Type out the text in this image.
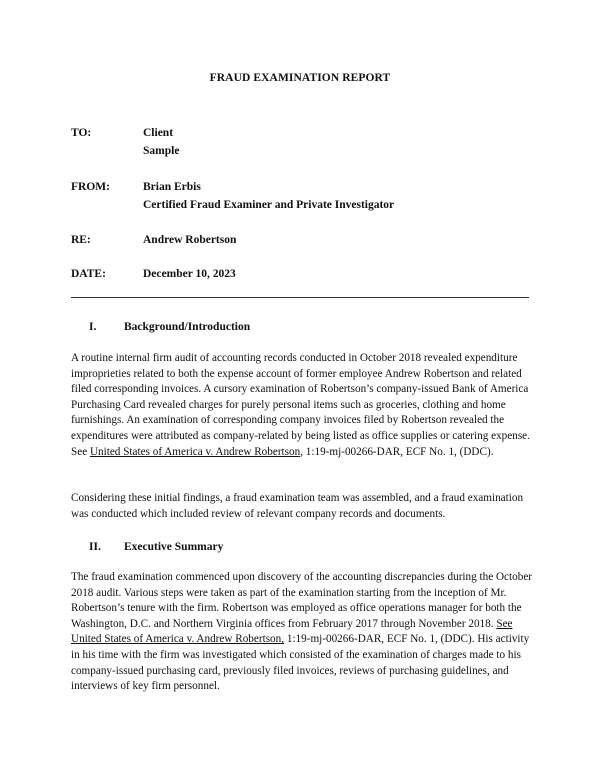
FRAUD EXAMINATION REPORT
TO:	Client
Sample
FROM:	Brian Erbis
Certified Fraud Examiner and Private Investigator
RE:	Andrew Robertson
DATE:	December 10, 2023
I. Background/Introduction
A routine internal firm audit of accounting records conducted in October 2018 revealed expenditure improprieties related to both the expense account of former employee Andrew Robertson and related filed corresponding invoices. A cursory examination of Robertson’s company-issued Bank of America Purchasing Card revealed charges for purely personal items such as groceries, clothing and home furnishings. An examination of corresponding company invoices filed by Robertson revealed the expenditures were attributed as company-related by being listed as office supplies or catering expense. See United States of America v. Andrew Robertson, 1:19-mj-00266-DAR, ECF No. 1, (DDC).
Considering these initial findings, a fraud examination team was assembled, and a fraud examination was conducted which included review of relevant company records and documents.
II. Executive Summary
The fraud examination commenced upon discovery of the accounting discrepancies during the October 2018 audit. Various steps were taken as part of the examination starting from the inception of Mr. Robertson’s tenure with the firm. Robertson was employed as office operations manager for both the Washington, D.C. and Northern Virginia offices from February 2017 through November 2018. See United States of America v. Andrew Robertson, 1:19-mj-00266-DAR, ECF No. 1, (DDC). His activity in his time with the firm was investigated which consisted of the examination of charges made to his company-issued purchasing card, previously filed invoices, reviews of purchasing guidelines, and interviews of key firm personnel.
